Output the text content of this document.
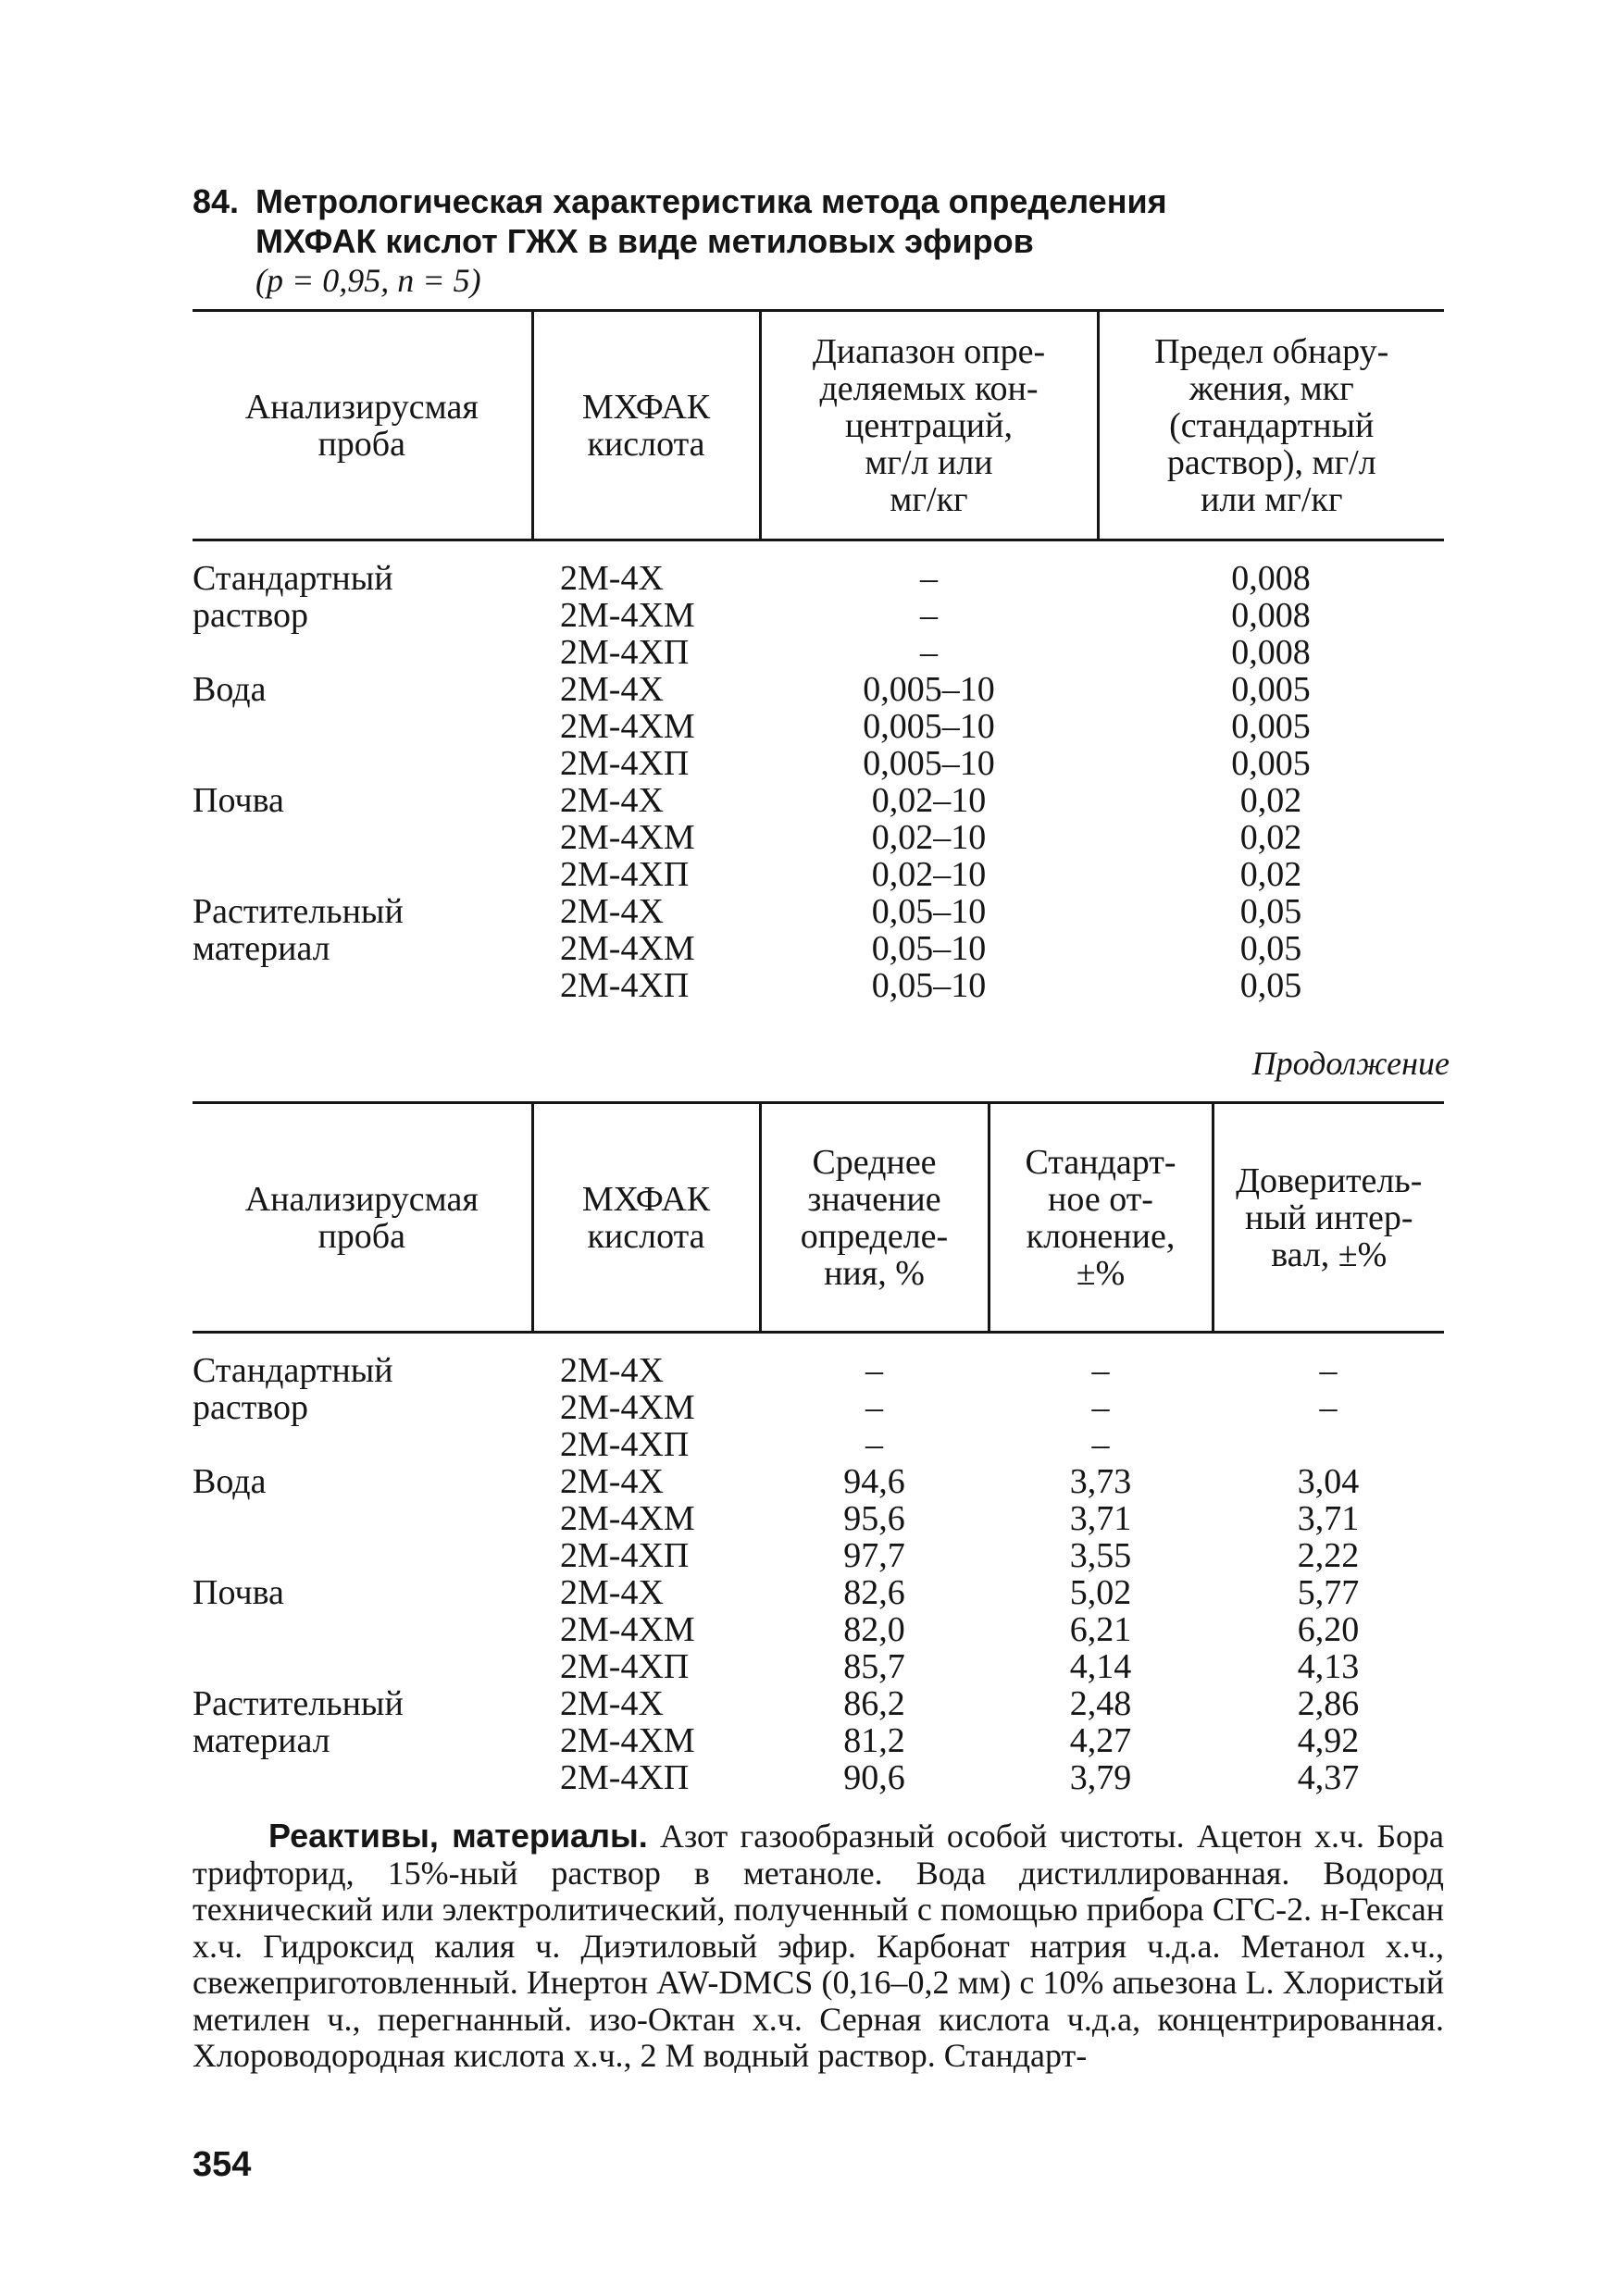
84. Метрологическая характеристика метода определения
МХФАК кислот ГЖХ в виде метиловых эфиров
(р = 0,95, n = 5)
Анализирусмая
проба	МХФАК
кислота	Диапазон опре-
деляемых кон-
центраций,
мг/л или
мг/кг	Предел обнару-
жения, мкг
(стандартный
раствор), мг/л
или мг/кг
Стандартный	2М-4Х	–	0,008
раствор	2М-4ХМ	–	0,008
	2М-4ХП	–	0,008
Вода	2М-4Х	0,005–10	0,005
	2М-4ХМ	0,005–10	0,005
	2М-4ХП	0,005–10	0,005
Почва	2М-4Х	0,02–10	0,02
	2М-4ХМ	0,02–10	0,02
	2М-4ХП	0,02–10	0,02
Растительный	2М-4Х	0,05–10	0,05
материал	2М-4ХМ	0,05–10	0,05
	2М-4ХП	0,05–10	0,05
Продолжение
Анализирусмая
проба	МХФАК
кислота	Среднее
значение
определе-
ния, %	Стандарт-
ное от-
клонение,
±%	Доверитель-
ный интер-
вал, ±%
Стандартный	2М-4Х	–	–	–
раствор	2М-4ХМ	–	–	–
	2М-4ХП	–	–	
Вода	2М-4Х	94,6	3,73	3,04
	2М-4ХМ	95,6	3,71	3,71
	2М-4ХП	97,7	3,55	2,22
Почва	2М-4Х	82,6	5,02	5,77
	2М-4ХМ	82,0	6,21	6,20
	2М-4ХП	85,7	4,14	4,13
Растительный	2М-4Х	86,2	2,48	2,86
материал	2М-4ХМ	81,2	4,27	4,92
	2М-4ХП	90,6	3,79	4,37

Реактивы, материалы. Азот газообразный особой чистоты. Ацетон х.ч. Бора трифторид, 15%-ный раствор в метаноле. Вода дистиллированная. Водород технический или электролитический, полученный с помощью прибора СГС-2. н-Гексан х.ч. Гидроксид калия ч. Диэтиловый эфир. Карбонат натрия ч.д.а. Метанол х.ч., свежеприготовленный. Инертон AW-DMCS (0,16–0,2 мм) с 10% апьезона L. Хлористый метилен ч., перегнанный. изо-Октан х.ч. Серная кислота ч.д.а, концентрированная. Хлороводородная кислота х.ч., 2 М водный раствор. Стандарт-

354
